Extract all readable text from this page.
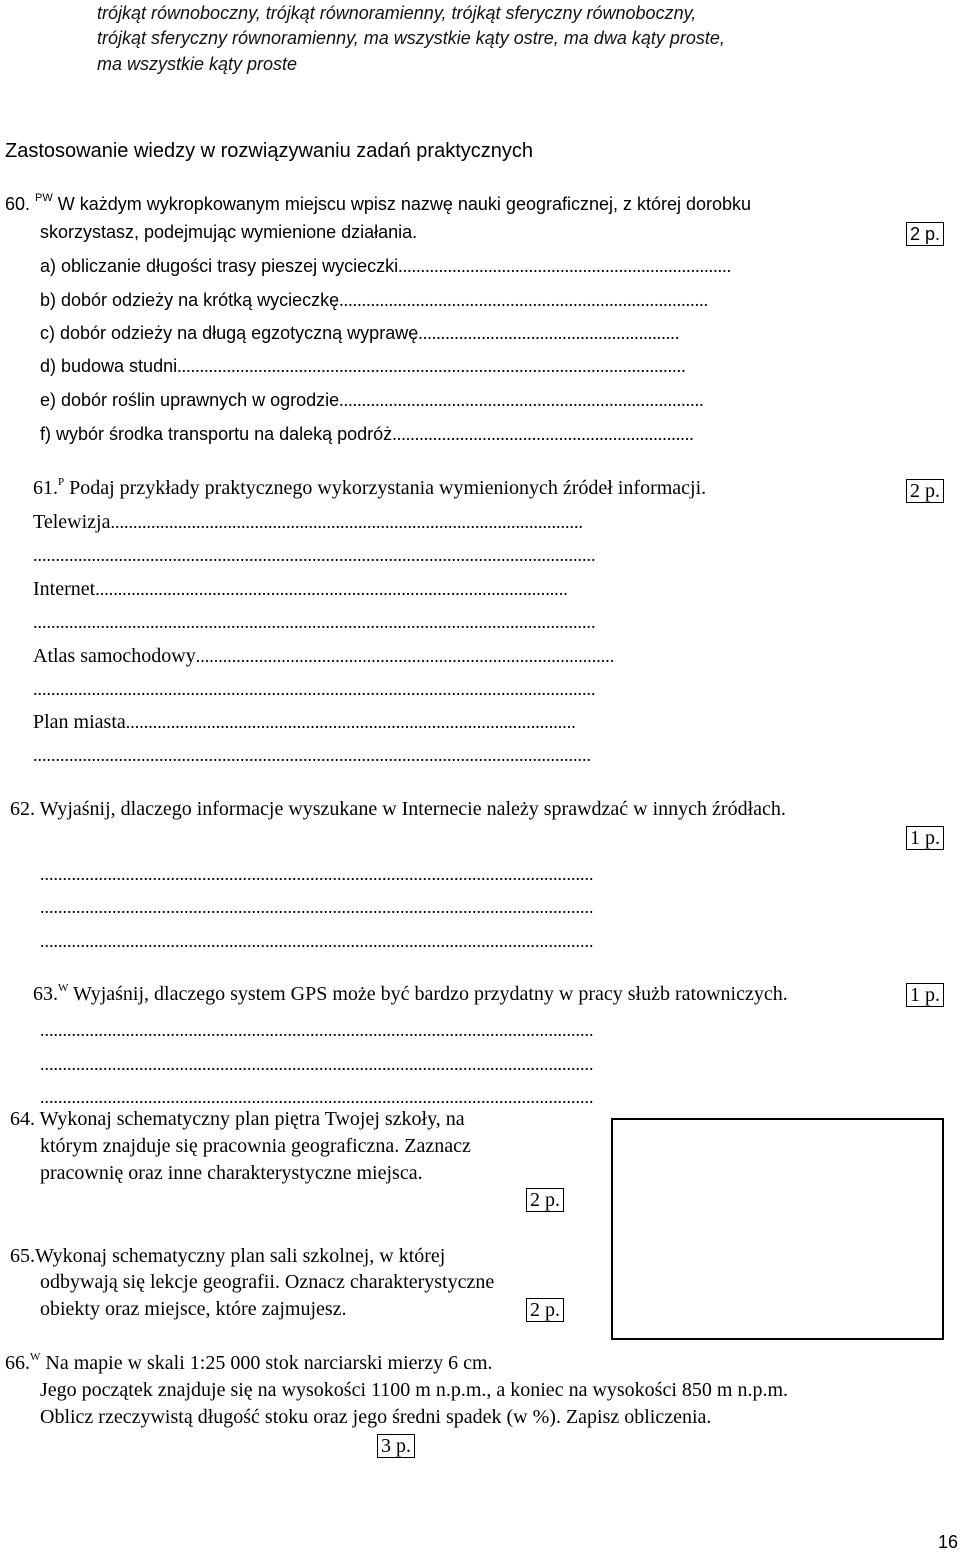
trójkąt równoboczny, trójkąt równoramienny, trójkąt sferyczny równoboczny,
trójkąt sferyczny równoramienny, ma wszystkie kąty ostre, ma dwa kąty proste,
ma wszystkie kąty proste
Zastosowanie wiedzy w rozwiązywaniu zadań praktycznych
60. $^{PW}$ W każdym wykropkowanym miejscu wpisz nazwę nauki geograficznej, z której dorobku
skorzystasz, podejmując wymienione działania.	2 p.
a) obliczanie długości trasy pieszej wycieczki..........................................................................
b) dobór odzieży na krótką wycieczkę..................................................................................
c) dobór odzieży na długą egzotyczną wyprawę..........................................................
d) budowa studni.................................................................................................................
e) dobór roślin uprawnych w ogrodzie.................................................................................
f) wybór środka transportu na daleką podróż...................................................................
61.$^P$ Podaj przykłady praktycznego wykorzystania wymienionych źródeł informacji.	2 p.
Telewizja.........................................................................................................
.............................................................................................................................
Internet.........................................................................................................
.............................................................................................................................
Atlas samochodowy.............................................................................................
.............................................................................................................................
Plan miasta....................................................................................................
............................................................................................................................
62. Wyjaśnij, dlaczego informacje wyszukane w Internecie należy sprawdzać w innych źródłach.
1 p.
...........................................................................................................................
...........................................................................................................................
...........................................................................................................................
63.$^W$ Wyjaśnij, dlaczego system GPS może być bardzo przydatny w pracy służb ratowniczych.	1 p.
...........................................................................................................................
...........................................................................................................................
...........................................................................................................................
64. Wykonaj schematyczny plan piętra Twojej szkoły, na
którym znajduje się pracownia geograficzna. Zaznacz
pracownię oraz inne charakterystyczne miejsca.
2 p.
65.Wykonaj schematyczny plan sali szkolnej, w której
odbywają się lekcje geografii. Oznacz charakterystyczne
obiekty oraz miejsce, które zajmujesz.	2 p.
66.$^W$ Na mapie w skali 1:25 000 stok narciarski mierzy 6 cm.
Jego początek znajduje się na wysokości 1100 m n.p.m., a koniec na wysokości 850 m n.p.m.
Oblicz rzeczywistą długość stoku oraz jego średni spadek (w %). Zapisz obliczenia.
3 p.
16
